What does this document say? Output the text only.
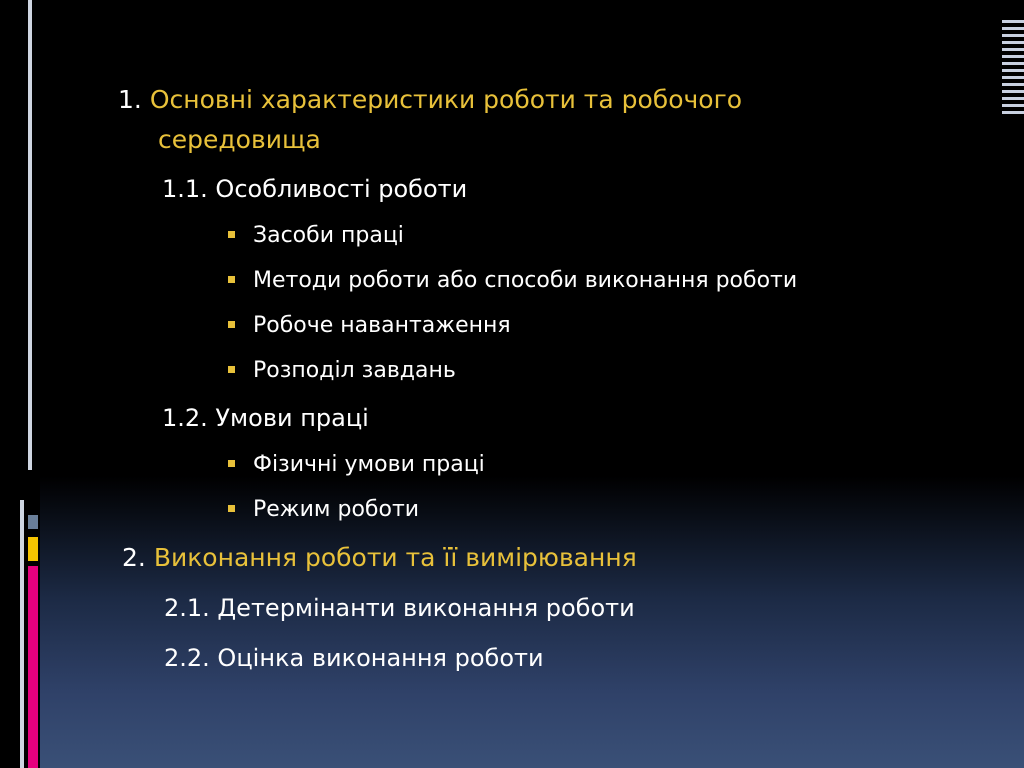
1. Основні характеристики роботи та робочого
середовища
1.1. Особливості роботи
Засоби праці
Методи роботи або способи виконання роботи
Робоче навантаження
Розподіл завдань
1.2. Умови праці
Фізичні умови праці
Режим роботи
2. Виконання роботи та її вимірювання
2.1. Детермінанти виконання роботи
2.2. Оцінка виконання роботи
